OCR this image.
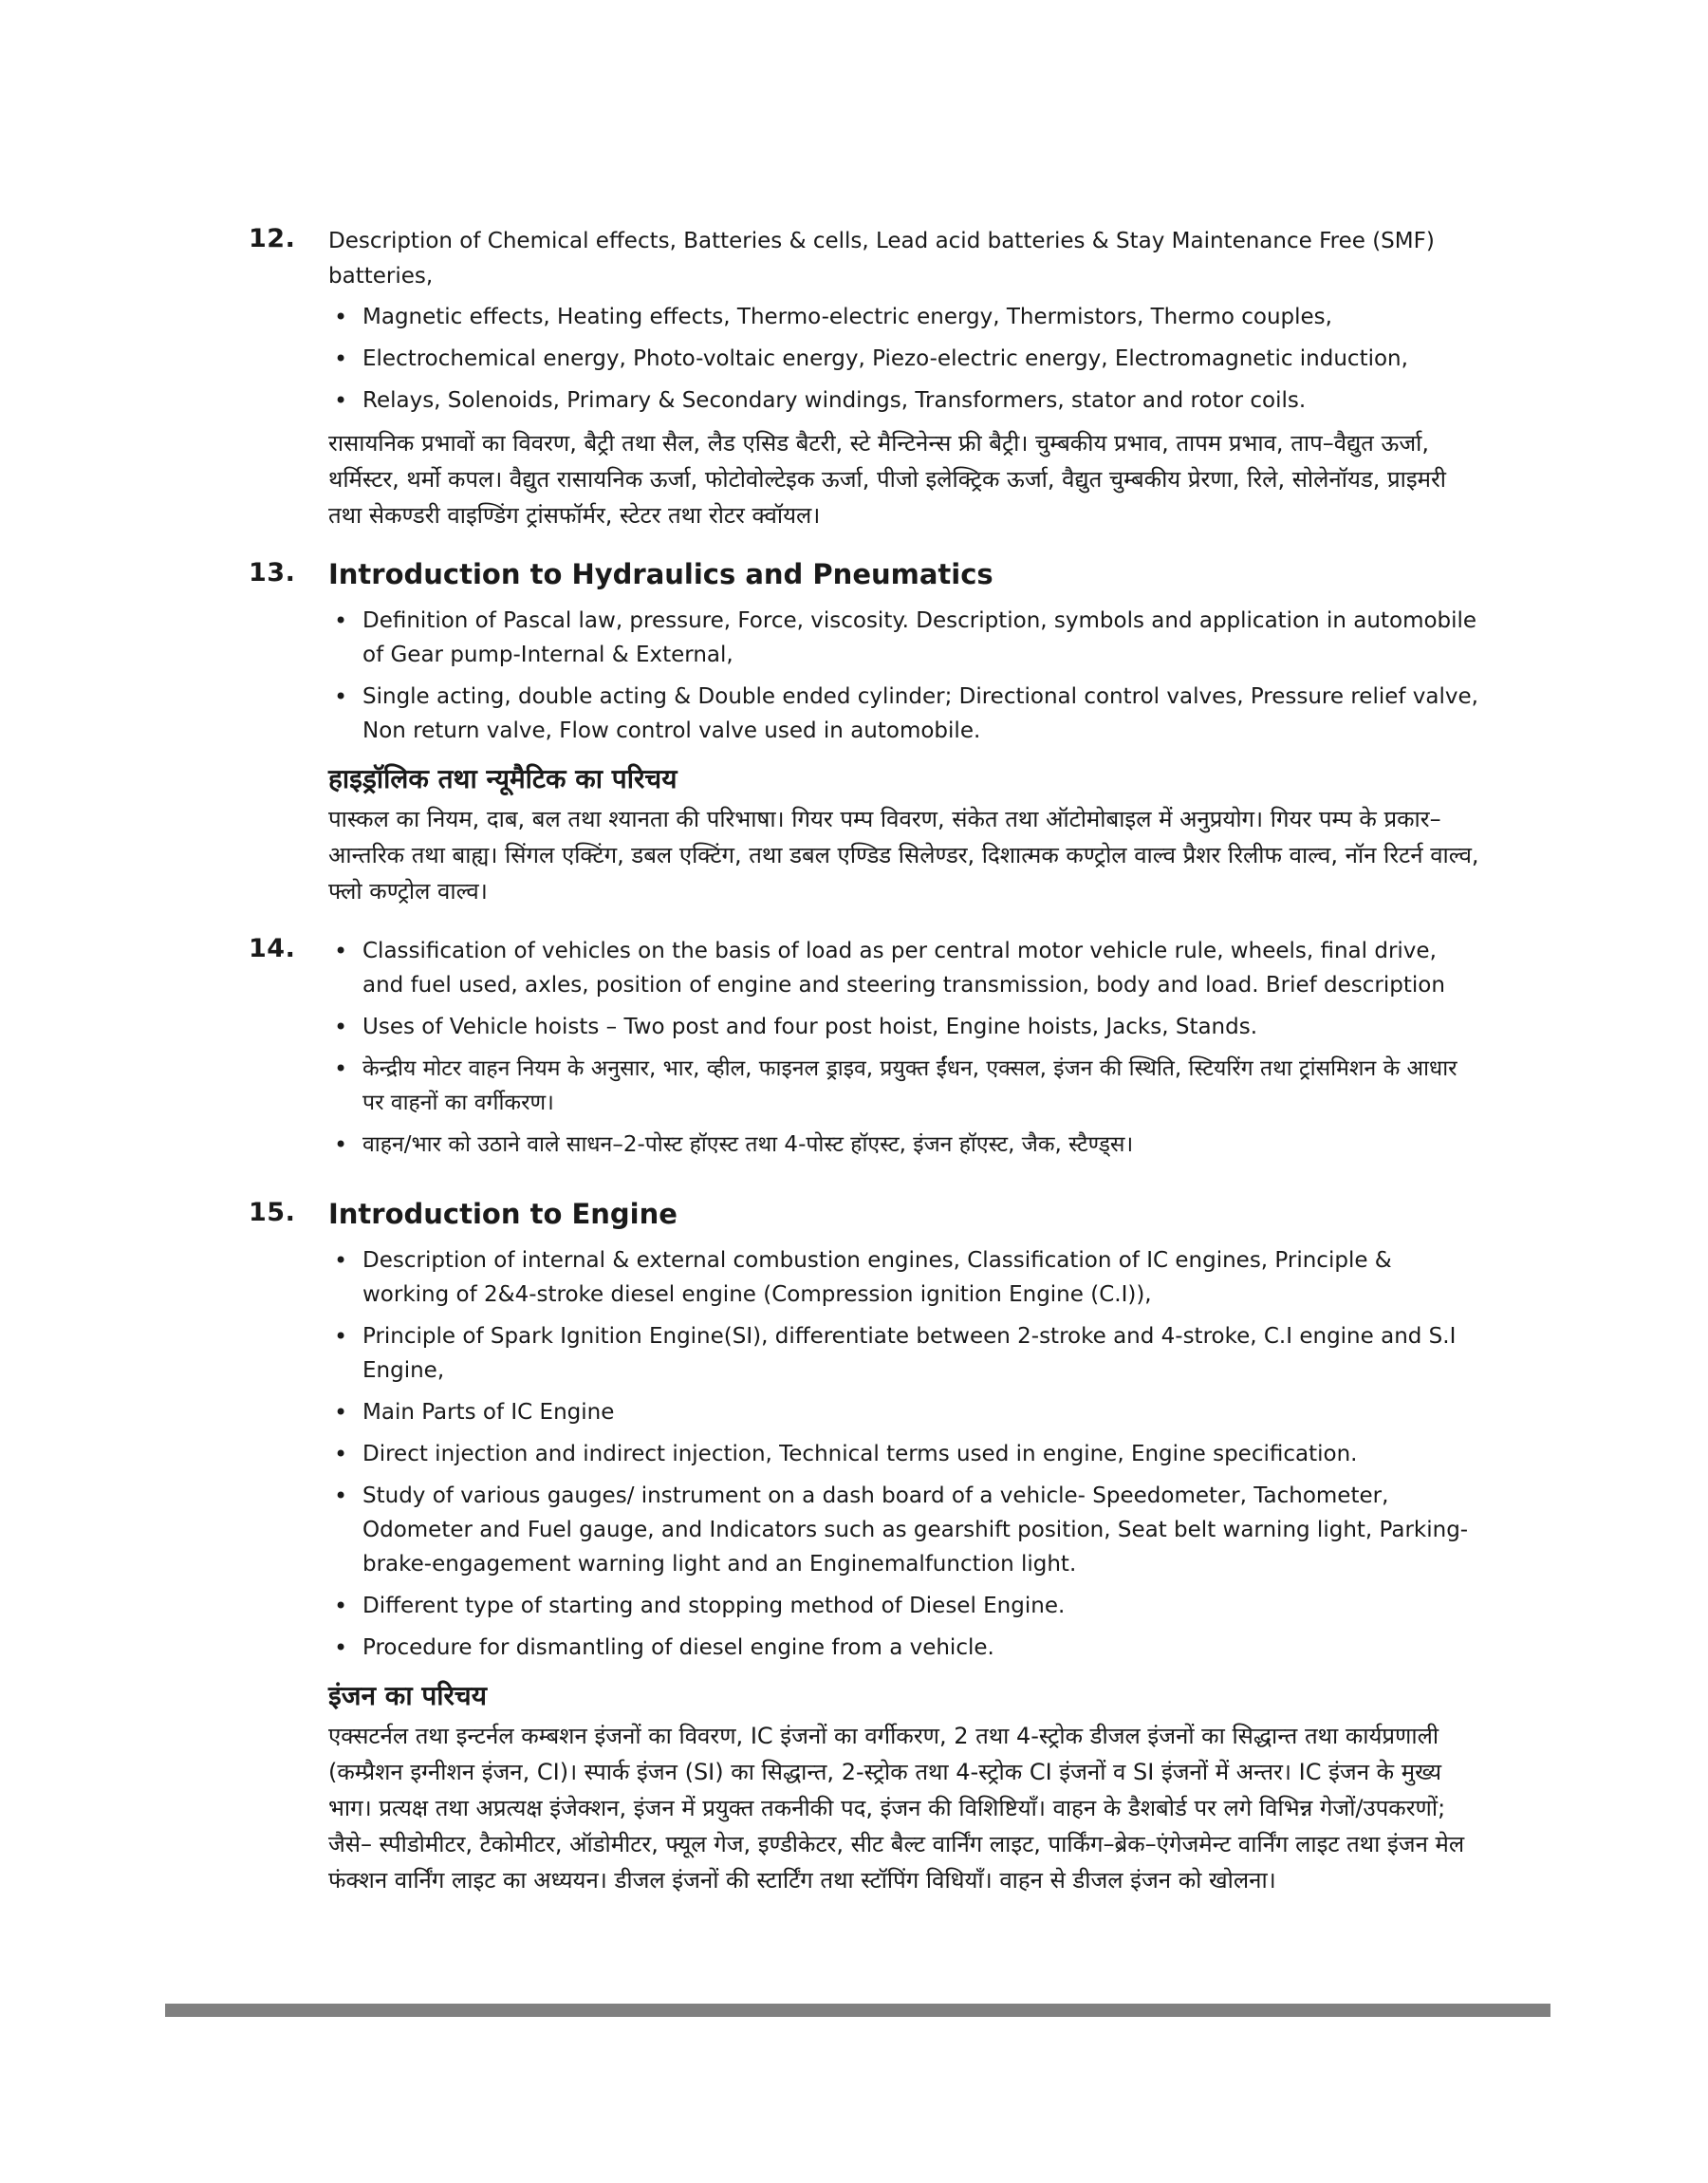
12. Description of Chemical effects, Batteries & cells, Lead acid batteries & Stay Maintenance Free (SMF) batteries,

• Magnetic effects, Heating effects, Thermo-electric energy, Thermistors, Thermo couples,
• Electrochemical energy, Photo-voltaic energy, Piezo-electric energy, Electromagnetic induction,
• Relays, Solenoids, Primary & Secondary windings, Transformers, stator and rotor coils.

रासायनिक प्रभावों का विवरण, बैट्री तथा सैल, लैड एसिड बैटरी, स्टे मैन्टिनेन्स फ्री बैट्री। चुम्बकीय प्रभाव, तापम प्रभाव, ताप–वैद्युत ऊर्जा, थर्मिस्टर, थर्मो कपल। वैद्युत रासायनिक ऊर्जा, फोटोवोल्टेइक ऊर्जा, पीजो इलेक्ट्रिक ऊर्जा, वैद्युत चुम्बकीय प्रेरणा, रिले, सोलेनॉयड, प्राइमरी तथा सेकण्डरी वाइण्डिंग ट्रांसफॉर्मर, स्टेटर तथा रोटर क्वॉयल।

13. Introduction to Hydraulics and Pneumatics
• Definition of Pascal law, pressure, Force, viscosity. Description, symbols and application in automobile of Gear pump-Internal & External,
• Single acting, double acting & Double ended cylinder; Directional control valves, Pressure relief valve, Non return valve, Flow control valve used in automobile.
हाइड्रॉलिक तथा न्यूमैटिक का परिचय

पास्कल का नियम, दाब, बल तथा श्यानता की परिभाषा। गियर पम्प विवरण, संकेत तथा ऑटोमोबाइल में अनुप्रयोग। गियर पम्प के प्रकार– आन्तरिक तथा बाह्य। सिंगल एक्टिंग, डबल एक्टिंग, तथा डबल एण्डिड सिलेण्डर, दिशात्मक कण्ट्रोल वाल्व प्रैशर रिलीफ वाल्व, नॉन रिटर्न वाल्व, फ्लो कण्ट्रोल वाल्व।

14.
•	Classification of vehicles on the basis of load as per central motor vehicle rule, wheels, final drive, and fuel used, axles, position of engine and steering transmission, body and load. Brief description
• Uses of Vehicle hoists – Two post and four post hoist, Engine hoists, Jacks, Stands.
• केन्द्रीय मोटर वाहन नियम के अनुसार, भार, व्हील, फाइनल ड्राइव, प्रयुक्त ईंधन, एक्सल, इंजन की स्थिति, स्टियरिंग तथा ट्रांसमिशन के आधार पर वाहनों का वर्गीकरण।
• वाहन/भार को उठाने वाले साधन–2-पोस्ट हॉएस्ट तथा 4-पोस्ट हॉएस्ट, इंजन हॉएस्ट, जैक, स्टैण्ड्स।
15. Introduction to Engine
• Description of internal & external combustion engines, Classification of IC engines, Principle & working of 2&4-stroke diesel engine (Compression ignition Engine (C.I)),
• Principle of Spark Ignition Engine(SI), differentiate between 2-stroke and 4-stroke, C.I engine and S.I Engine,
• Main Parts of IC Engine
• Direct injection and indirect injection, Technical terms used in engine, Engine specification.
• Study of various gauges/ instrument on a dash board of a vehicle- Speedometer, Tachometer, Odometer and Fuel gauge, and Indicators such as gearshift position, Seat belt warning light, Parking-brake-engagement warning light and an Enginemalfunction light.
• Different type of starting and stopping method of Diesel Engine.
• Procedure for dismantling of diesel engine from a vehicle.
इंजन का परिचय

एक्सटर्नल तथा इन्टर्नल कम्बशन इंजनों का विवरण, IC इंजनों का वर्गीकरण, 2 तथा 4-स्ट्रोक डीजल इंजनों का सिद्धान्त तथा कार्यप्रणाली (कम्प्रैशन इग्नीशन इंजन, CI)। स्पार्क इंजन (SI) का सिद्धान्त, 2-स्ट्रोक तथा 4-स्ट्रोक CI इंजनों व SI इंजनों में अन्तर। IC इंजन के मुख्य भाग। प्रत्यक्ष तथा अप्रत्यक्ष इंजेक्शन, इंजन में प्रयुक्त तकनीकी पद, इंजन की विशिष्टियाँ। वाहन के डैशबोर्ड पर लगे विभिन्न गेजों/उपकरणों; जैसे– स्पीडोमीटर, टैकोमीटर, ऑडोमीटर, फ्यूल गेज, इण्डीकेटर, सीट बैल्ट वार्निंग लाइट, पार्किंग–ब्रेक–एंगेजमेन्ट वार्निंग लाइट तथा इंजन मेल फंक्शन वार्निंग लाइट का अध्ययन। डीजल इंजनों की स्टार्टिंग तथा स्टॉपिंग विधियाँ। वाहन से डीजल इंजन को खोलना।
